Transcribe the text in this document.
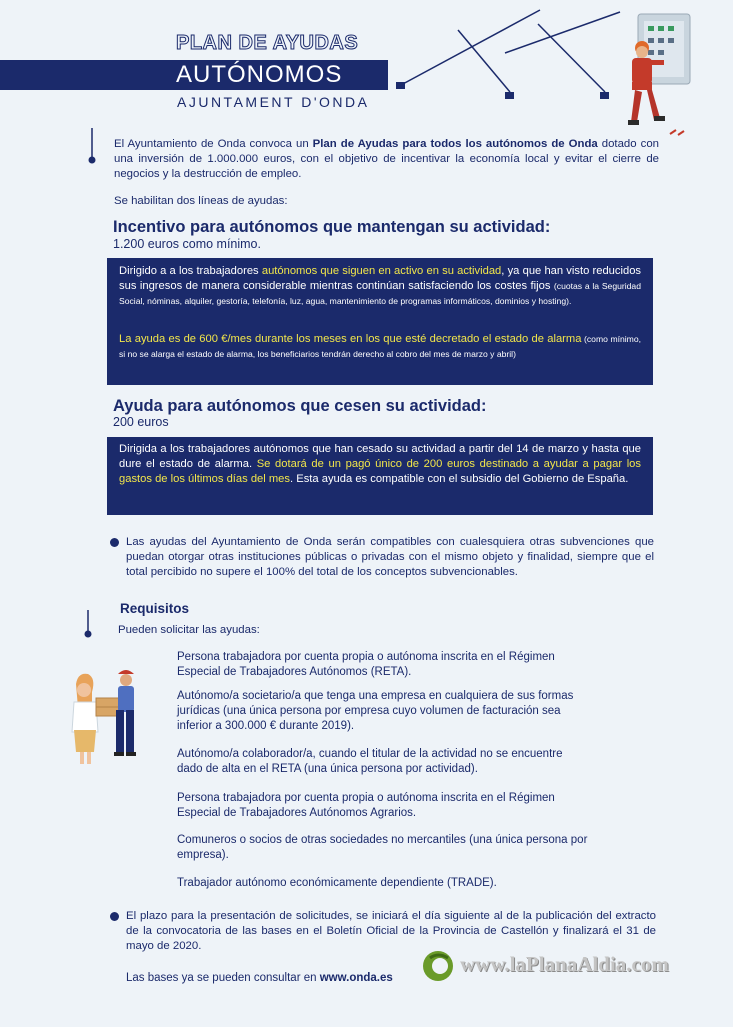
PLAN DE AYUDAS
AUTÓNOMOS
AJUNTAMENT D'ONDA
El Ayuntamiento de Onda convoca un Plan de Ayudas para todos los autónomos de Onda dotado con una inversión de 1.000.000 euros, con el objetivo de incentivar la economía local y evitar el cierre de negocios y la destrucción de empleo.
Se habilitan dos líneas de ayudas:
Incentivo para autónomos que mantengan su actividad:
1.200 euros como mínimo.
Dirigido a a los trabajadores autónomos que siguen en activo en su actividad, ya que han visto reducidos sus ingresos de manera considerable mientras continúan satisfaciendo los costes fijos (cuotas a la Seguridad Social, nóminas, alquiler, gestoría, telefonía, luz, agua, mantenimiento de programas informáticos, dominios y hosting).
La ayuda es de 600 €/mes durante los meses en los que esté decretado el estado de alarma (como mínimo, si no se alarga el estado de alarma, los beneficiarios tendrán derecho al cobro del mes de marzo y abril)
Ayuda para autónomos que cesen su actividad:
200 euros
Dirigida a los trabajadores autónomos que han cesado su actividad a partir del 14 de marzo y hasta que dure el estado de alarma. Se dotará de un pagó único de 200 euros destinado a ayudar a pagar los gastos de los últimos días del mes. Esta ayuda es compatible con el subsidio del Gobierno de España.
Las ayudas del Ayuntamiento de Onda serán compatibles con cualesquiera otras subvenciones que puedan otorgar otras instituciones públicas o privadas con el mismo objeto y finalidad, siempre que el total percibido no supere el 100% del total de los conceptos subvencionables.
Requisitos
Pueden solicitar las ayudas:
Persona trabajadora por cuenta propia o autónoma inscrita en el Régimen Especial de Trabajadores Autónomos (RETA).
Autónomo/a societario/a que tenga una empresa en cualquiera de sus formas jurídicas (una única persona por empresa cuyo volumen de facturación sea inferior a 300.000 € durante 2019).
Autónomo/a colaborador/a, cuando el titular de la actividad no se encuentre dado de alta en el RETA (una única persona por actividad).
Persona trabajadora por cuenta propia o autónoma inscrita en el Régimen Especial de Trabajadores Autónomos Agrarios.
Comuneros o socios de otras sociedades no mercantiles (una única persona por empresa).
Trabajador autónomo económicamente dependiente (TRADE).
El plazo para la presentación de solicitudes, se iniciará el día siguiente al de la publicación del extracto de la convocatoria de las bases en el Boletín Oficial de la Provincia de Castellón y finalizará el 31 de mayo de 2020.
Las bases ya se pueden consultar en www.onda.es
www.laPlanaAldia.com
